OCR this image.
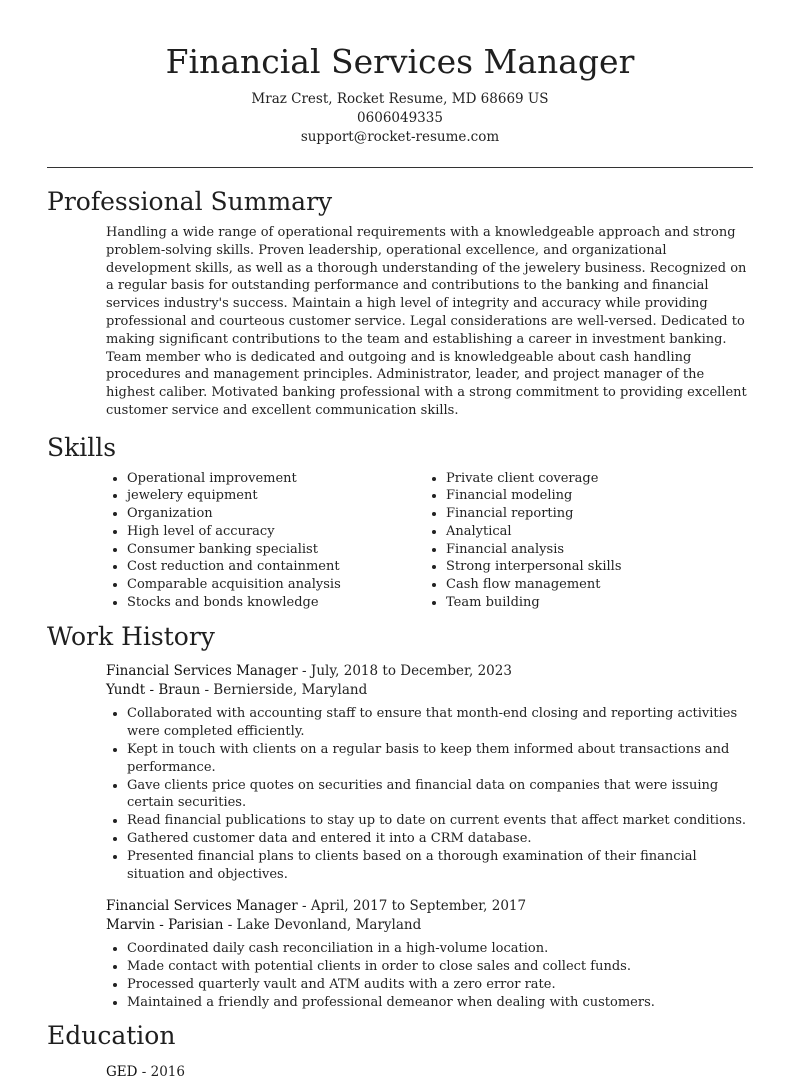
Financial Services Manager
Mraz Crest, Rocket Resume, MD 68669 US
0606049335
support@rocket-resume.com
Professional Summary

Handling a wide range of operational requirements with a knowledgeable approach and strong problem-solving skills. Proven leadership, operational excellence, and organizational development skills, as well as a thorough understanding of the jewelery business. Recognized on a regular basis for outstanding performance and contributions to the banking and financial services industry's success. Maintain a high level of integrity and accuracy while providing professional and courteous customer service. Legal considerations are well-versed. Dedicated to making significant contributions to the team and establishing a career in investment banking. Team member who is dedicated and outgoing and is knowledgeable about cash handling procedures and management principles. Administrator, leader, and project manager of the highest caliber. Motivated banking professional with a strong commitment to providing excellent customer service and excellent communication skills.

Skills
• Operational improvement
• jewelery equipment
• Organization
• High level of accuracy
• Consumer banking specialist
• Cost reduction and containment
• Comparable acquisition analysis
• Stocks and bonds knowledge
• Private client coverage
• Financial modeling
• Financial reporting
• Analytical
• Financial analysis
• Strong interpersonal skills
• Cash flow management
• Team building
Work History
Financial Services Manager - July, 2018 to December, 2023
Yundt - Braun - Bernierside, Maryland
• Collaborated with accounting staff to ensure that month-end closing and reporting activities were completed efficiently.
• Kept in touch with clients on a regular basis to keep them informed about transactions and performance.
• Gave clients price quotes on securities and financial data on companies that were issuing certain securities.
• Read financial publications to stay up to date on current events that affect market conditions.
• Gathered customer data and entered it into a CRM database.
• Presented financial plans to clients based on a thorough examination of their financial situation and objectives.
Financial Services Manager - April, 2017 to September, 2017
Marvin - Parisian - Lake Devonland, Maryland
• Coordinated daily cash reconciliation in a high-volume location.
• Made contact with potential clients in order to close sales and collect funds.
• Processed quarterly vault and ATM audits with a zero error rate.
• Maintained a friendly and professional demeanor when dealing with customers.
Education
GED - 2016
